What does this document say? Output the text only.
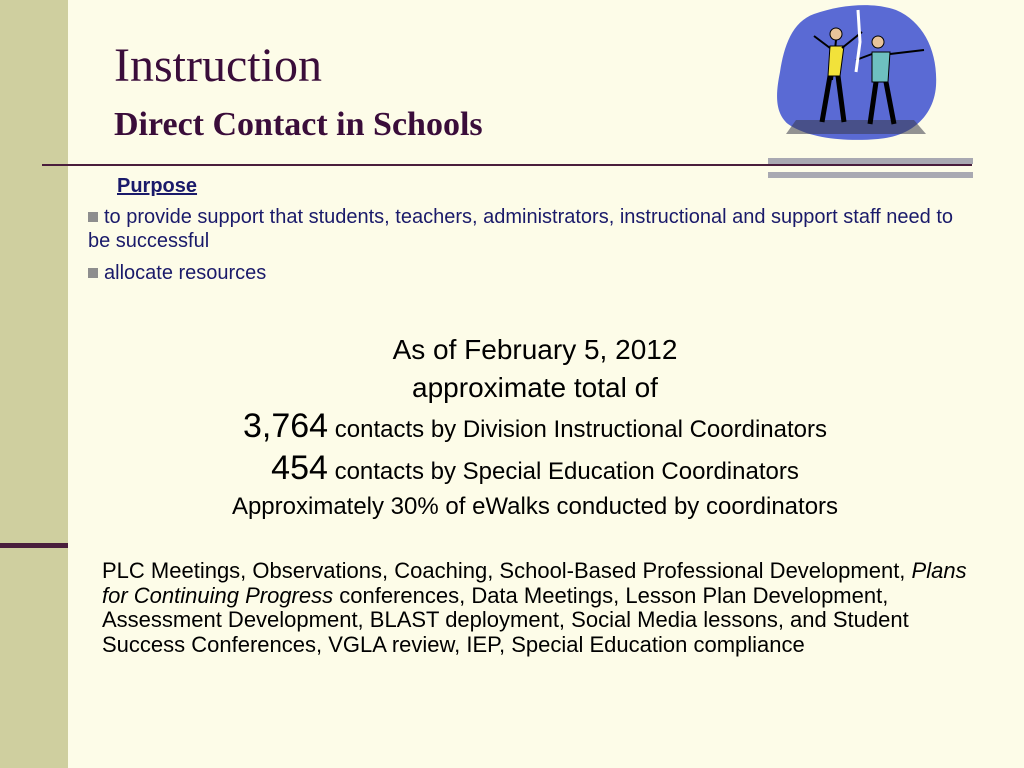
Instruction
Direct Contact in Schools
Purpose
to provide support that students, teachers, administrators, instructional and support staff need to be successful
allocate resources
As of February 5, 2012
approximate total of
3,764 contacts by Division Instructional Coordinators
454 contacts by Special Education Coordinators
Approximately 30% of eWalks conducted by coordinators
PLC Meetings, Observations, Coaching, School-Based Professional Development, Plans for Continuing Progress conferences, Data Meetings, Lesson Plan Development, Assessment Development, BLAST deployment, Social Media lessons, and Student Success Conferences, VGLA review, IEP, Special Education compliance
